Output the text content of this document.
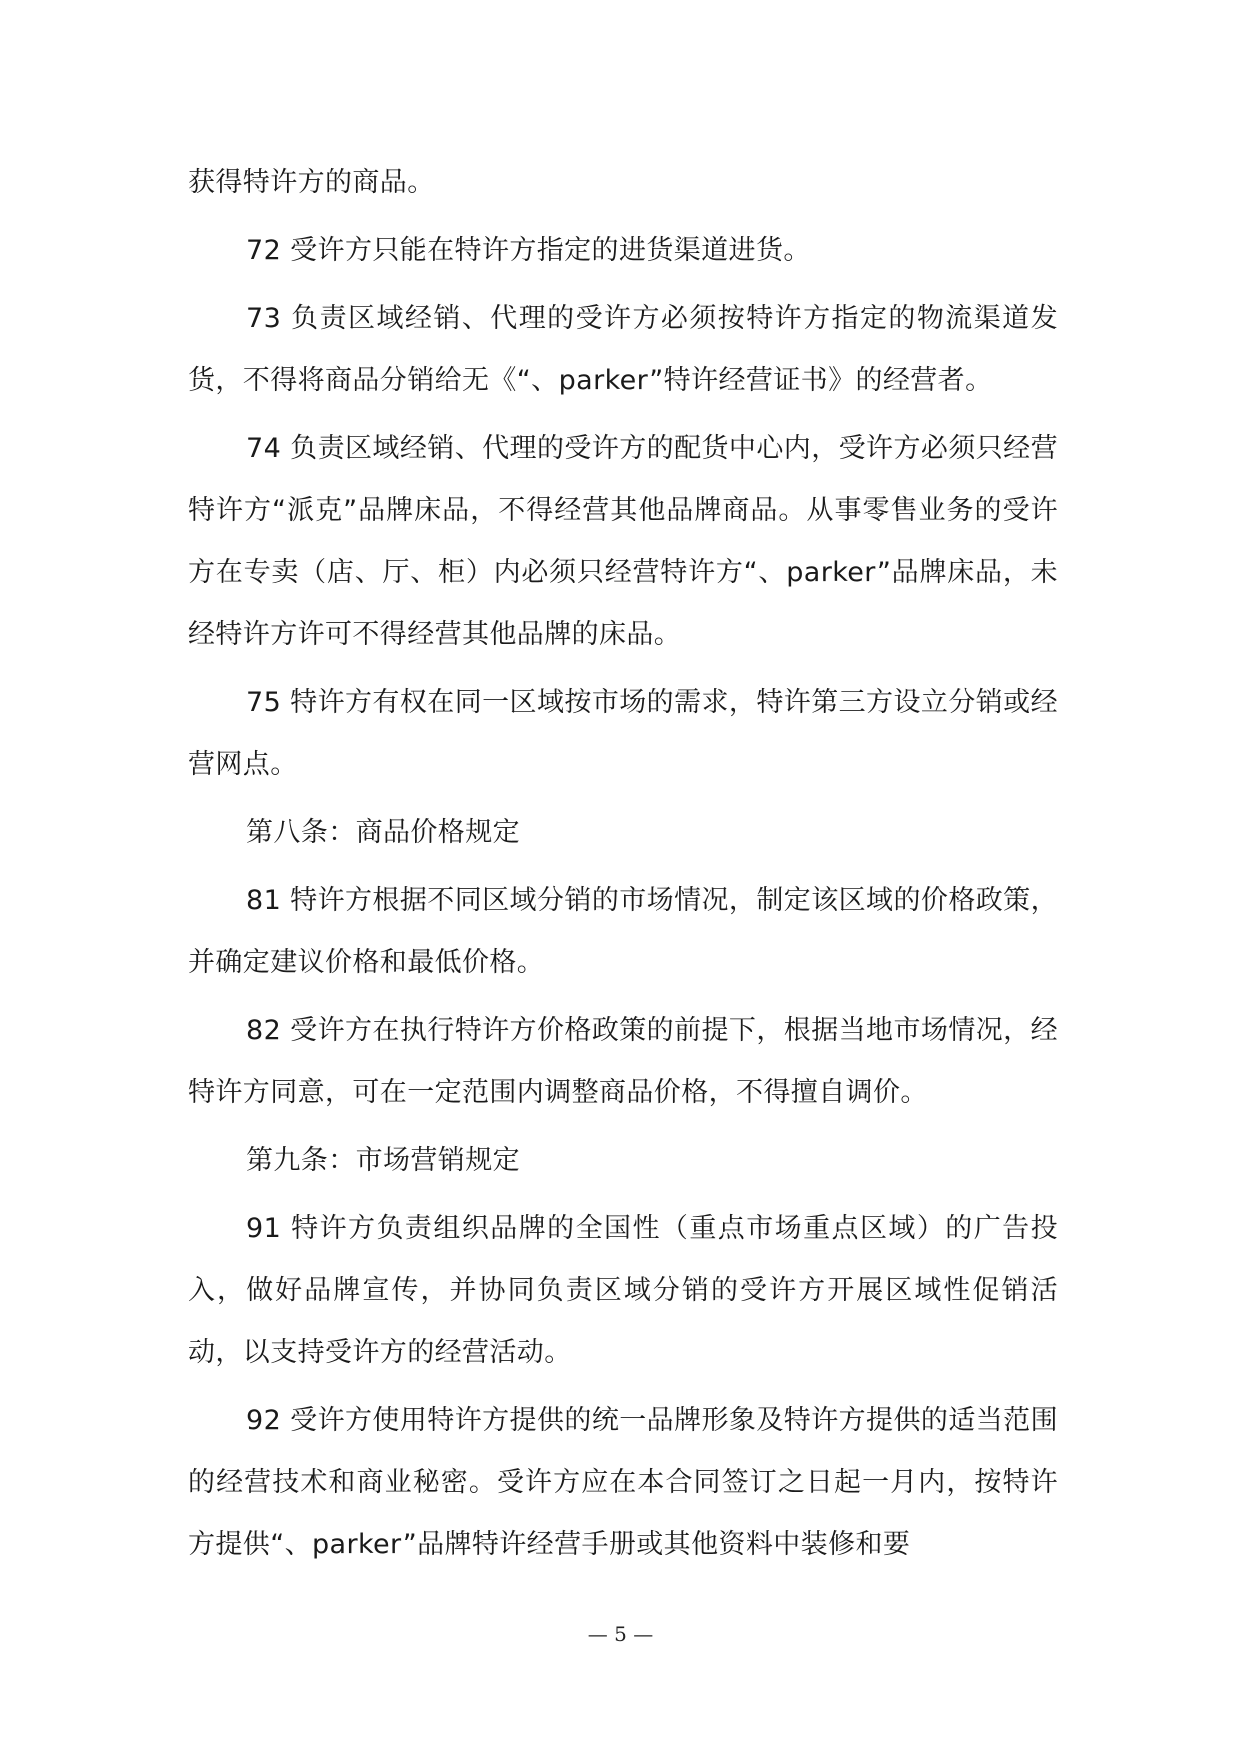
获得特许方的商品。

72 受许方只能在特许方指定的进货渠道进货。

73 负责区域经销、代理的受许方必须按特许方指定的物流渠道发货，不得将商品分销给无《“、parker”特许经营证书》的经营者。

74 负责区域经销、代理的受许方的配货中心内，受许方必须只经营特许方“派克”品牌床品，不得经营其他品牌商品。从事零售业务的受许方在专卖（店、厅、柜）内必须只经营特许方“、parker”品牌床品，未经特许方许可不得经营其他品牌的床品。

75 特许方有权在同一区域按市场的需求，特许第三方设立分销或经营网点。

第八条：商品价格规定

81 特许方根据不同区域分销的市场情况，制定该区域的价格政策，并确定建议价格和最低价格。

82 受许方在执行特许方价格政策的前提下，根据当地市场情况，经特许方同意，可在一定范围内调整商品价格，不得擅自调价。

第九条：市场营销规定

91 特许方负责组织品牌的全国性（重点市场重点区域）的广告投入，做好品牌宣传，并协同负责区域分销的受许方开展区域性促销活动，以支持受许方的经营活动。

92 受许方使用特许方提供的统一品牌形象及特许方提供的适当范围的经营技术和商业秘密。受许方应在本合同签订之日起一月内，按特许方提供“、parker”品牌特许经营手册或其他资料中装修和要

— 5 —
